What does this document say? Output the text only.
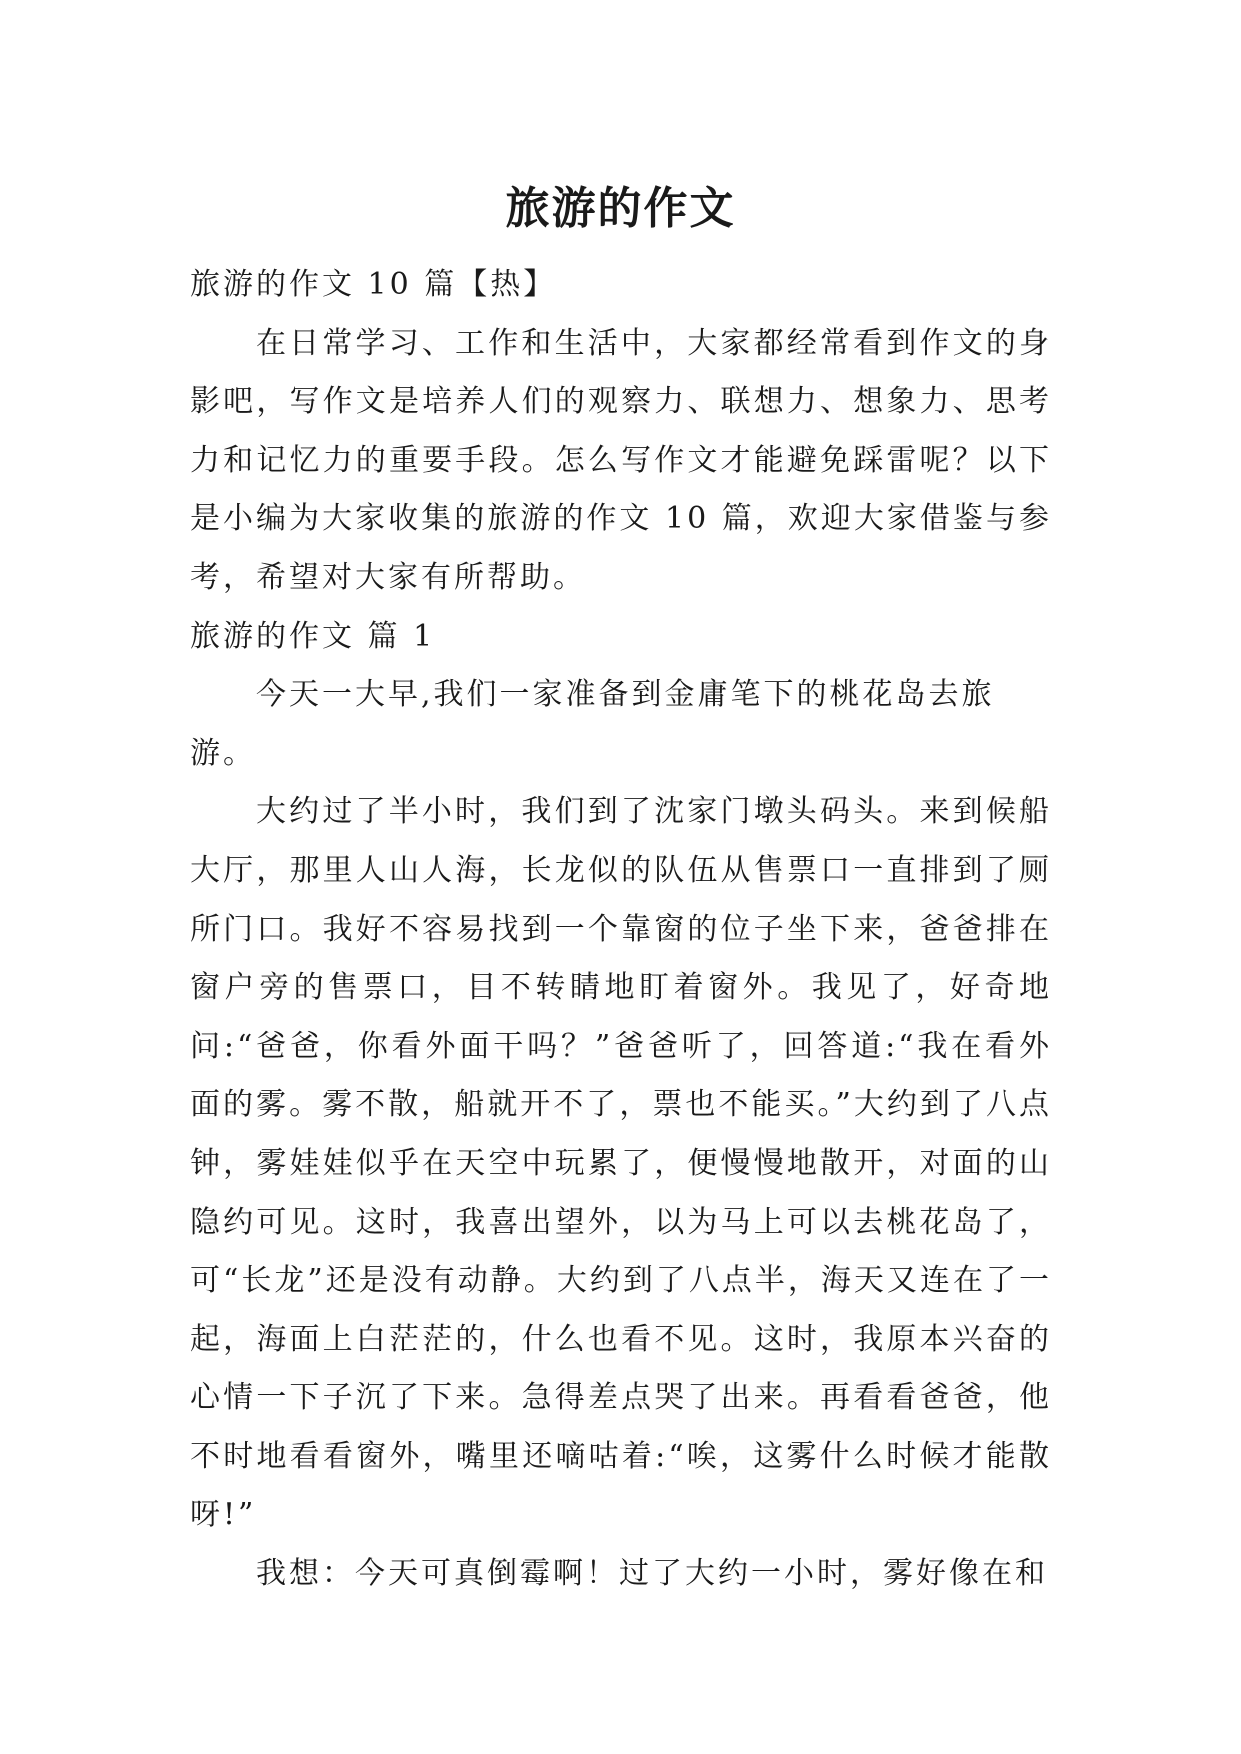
旅游的作文

旅游的作文 10 篇【热】

在日常学习、工作和生活中，大家都经常看到作文的身影吧，写作文是培养人们的观察力、联想力、想象力、思考力和记忆力的重要手段。怎么写作文才能避免踩雷呢？以下是小编为大家收集的旅游的作文 10 篇，欢迎大家借鉴与参考，希望对大家有所帮助。

旅游的作文 篇 1

今天一大早,我们一家准备到金庸笔下的桃花岛去旅游。

大约过了半小时，我们到了沈家门墩头码头。来到候船大厅，那里人山人海，长龙似的队伍从售票口一直排到了厕所门口。我好不容易找到一个靠窗的位子坐下来，爸爸排在窗户旁的售票口，目不转睛地盯着窗外。我见了，好奇地问:“爸爸，你看外面干吗？”爸爸听了，回答道:“我在看外面的雾。雾不散，船就开不了，票也不能买。”大约到了八点钟，雾娃娃似乎在天空中玩累了，便慢慢地散开，对面的山隐约可见。这时，我喜出望外，以为马上可以去桃花岛了，可“长龙”还是没有动静。大约到了八点半，海天又连在了一起，海面上白茫茫的，什么也看不见。这时，我原本兴奋的心情一下子沉了下来。急得差点哭了出来。再看看爸爸，他不时地看看窗外，嘴里还嘀咕着:“唉，这雾什么时候才能散呀!”

我想：今天可真倒霉啊！过了大约一小时，雾好像在和
